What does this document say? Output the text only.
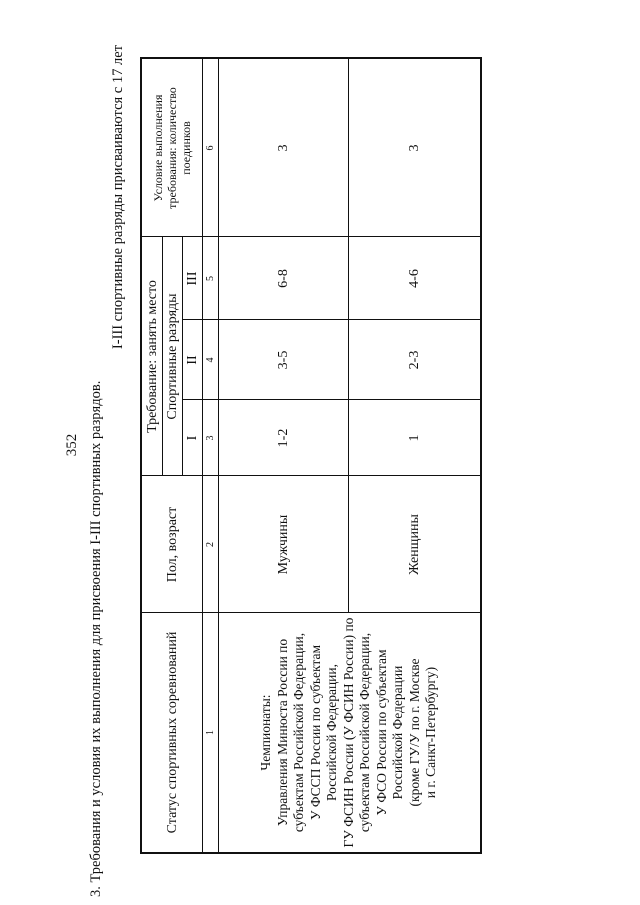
352 3. Требования и условия их выполнения для присвоения I-III спортивных разрядов.
I-III спортивные разряды присваиваются с 17 лет
Статус спортивных соревнований
Пол, возраст
Требование: занять место Спортивные разряды
I
II
III
Условие выполнения требования: количество поединков
1
2
3
4
5
6
Чемпионаты: Управления Минюста России по субъектам Российской Федерации, У ФССП России по субъектам Российской Федерации, ГУ ФСИН России (У ФСИН России) по субъектам Российской Федерации, У ФСО России по субъектам Российской Федерации (кроме ГУ/У по г. Москве и г. Санкт-Петербургу)
Мужчины
1-2
3-5
6-8
3
Женщины
1
2-3
4-6
3
